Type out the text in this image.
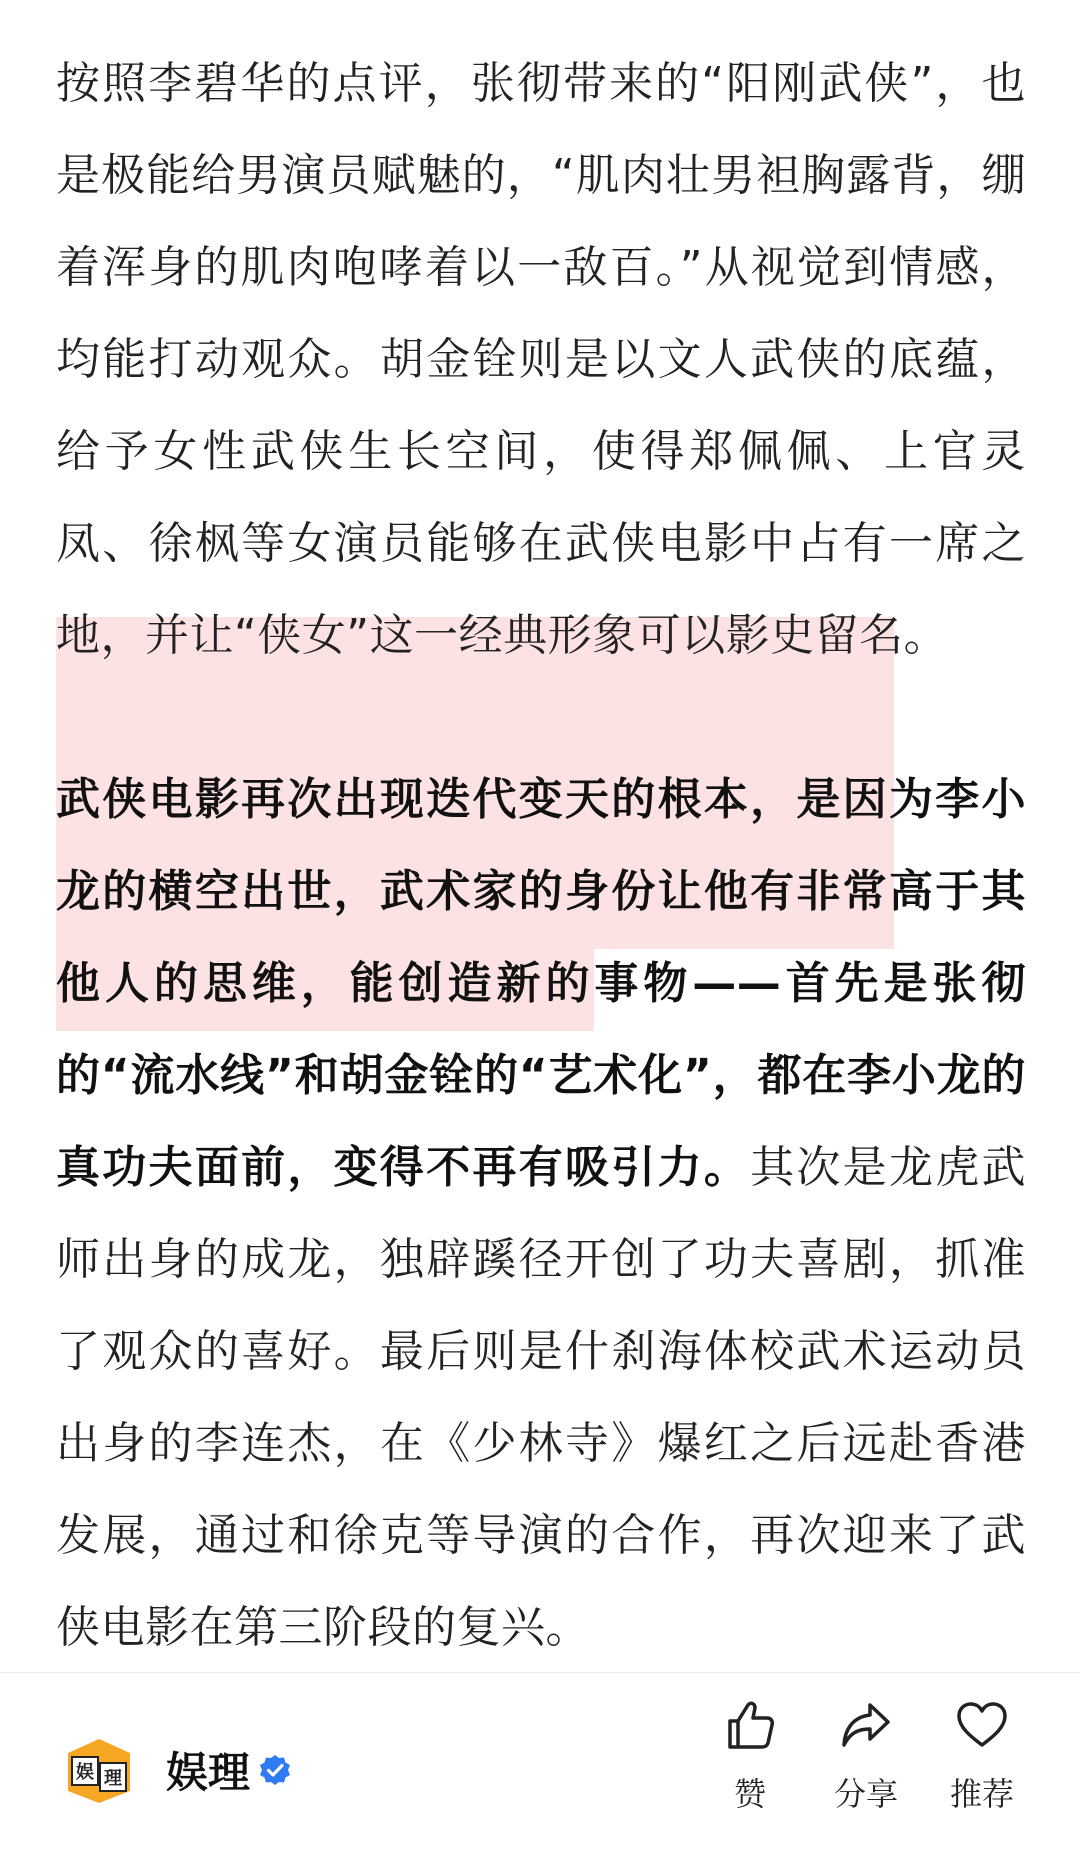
按照李碧华的点评，张彻带来的“阳刚武侠”，也是极能给男演员赋魅的，“肌肉壮男袒胸露背，绷着浑身的肌肉咆哮着以一敌百。”从视觉到情感，均能打动观众。胡金铨则是以文人武侠的底蕴，给予女性武侠生长空间，使得郑佩佩、上官灵凤、徐枫等女演员能够在武侠电影中占有一席之地，并让“侠女”这一经典形象可以影史留名。

武侠电影再次出现迭代变天的根本，是因为李小龙的横空出世，武术家的身份让他有非常高于其他人的思维，能创造新的事物——首先是张彻的“流水线”和胡金铨的“艺术化”，都在李小龙的真功夫面前，变得不再有吸引力。其次是龙虎武师出身的成龙，独辟蹊径开创了功夫喜剧，抓准了观众的喜好。最后则是什刹海体校武术运动员出身的李连杰，在《少林寺》爆红之后远赴香港发展，通过和徐克等导演的合作，再次迎来了武侠电影在第三阶段的复兴。

娱 理 娱理	赞 分享 推荐
